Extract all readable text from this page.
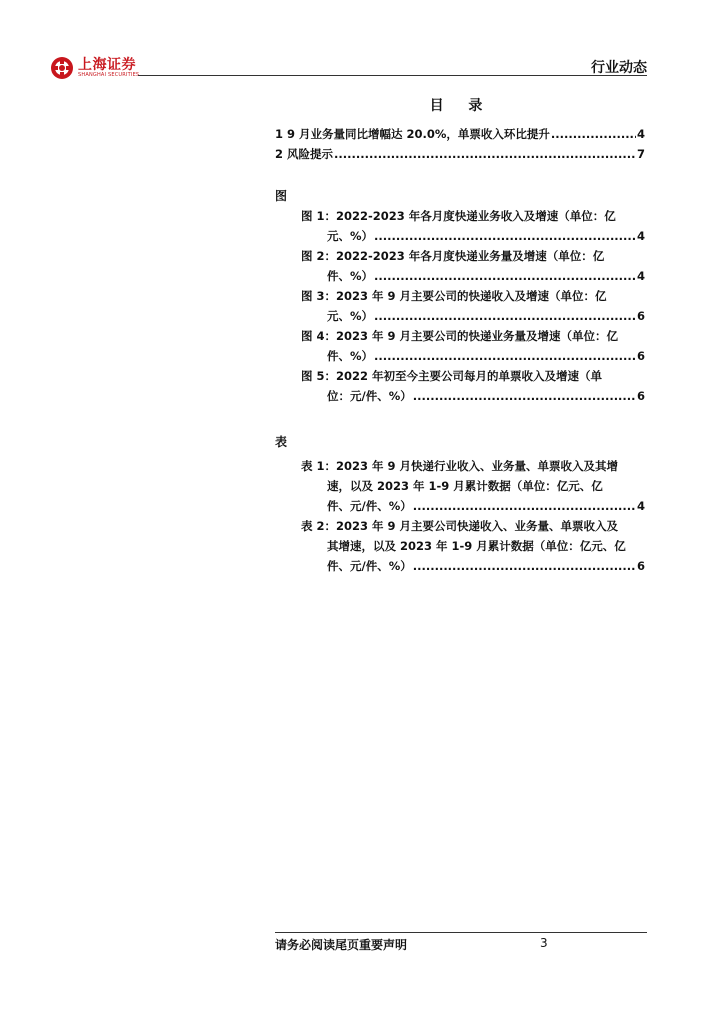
上海证券
SHANGHAI SECURITIES	行业动态
目 录
1 9 月业务量同比增幅达 20.0%，单票收入环比提升 .....	4
2 风险提示 .....	7
图
图 1：2022-2023 年各月度快递业务收入及增速（单位：亿
元、%） .....	4
图 2：2022-2023 年各月度快递业务量及增速（单位：亿
件、%） .....	4
图 3：2023 年 9 月主要公司的快递收入及增速（单位：亿
元、%） .....	6
图 4：2023 年 9 月主要公司的快递业务量及增速（单位：亿
件、%） .....	6
图 5：2022 年初至今主要公司每月的单票收入及增速（单
位：元/件、%） .....	6
表
表 1：2023 年 9 月快递行业收入、业务量、单票收入及其增
速，以及 2023 年 1-9 月累计数据（单位：亿元、亿
件、元/件、%） .....	4
表 2：2023 年 9 月主要公司快递收入、业务量、单票收入及
其增速，以及 2023 年 1-9 月累计数据（单位：亿元、亿
件、元/件、%） .....	6
请务必阅读尾页重要声明	3
